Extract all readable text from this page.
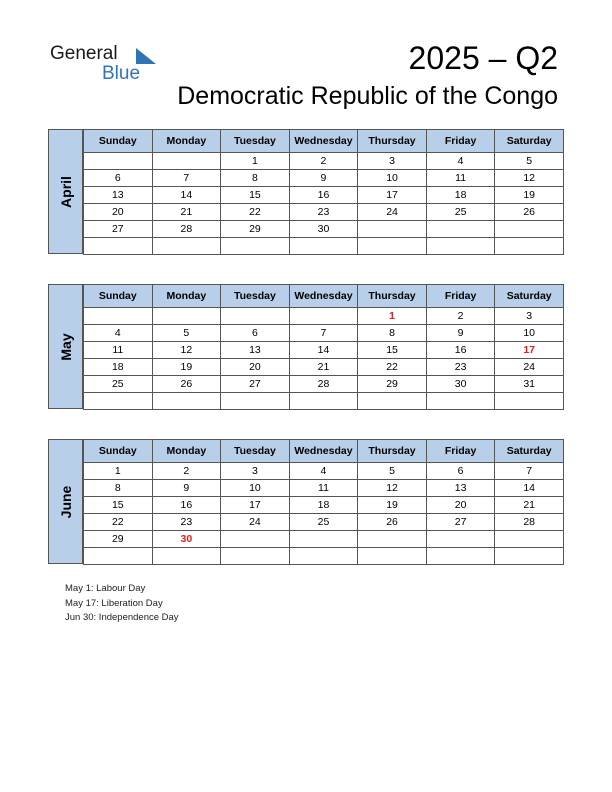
General
Blue	2025 – Q2
Democratic Republic of the Congo
April
Sunday	Monday	Tuesday	Wednesday	Thursday	Friday	Saturday
		1	2	3	4	5
6	7	8	9	10	11	12
13	14	15	16	17	18	19
20	21	22	23	24	25	26
27	28	29	30			

May
Sunday	Monday	Tuesday	Wednesday	Thursday	Friday	Saturday
				1	2	3
4	5	6	7	8	9	10
11	12	13	14	15	16	17
18	19	20	21	22	23	24
25	26	27	28	29	30	31

June
Sunday	Monday	Tuesday	Wednesday	Thursday	Friday	Saturday
1	2	3	4	5	6	7
8	9	10	11	12	13	14
15	16	17	18	19	20	21
22	23	24	25	26	27	28
29	30					

May 1: Labour Day
May 17: Liberation Day
Jun 30: Independence Day
